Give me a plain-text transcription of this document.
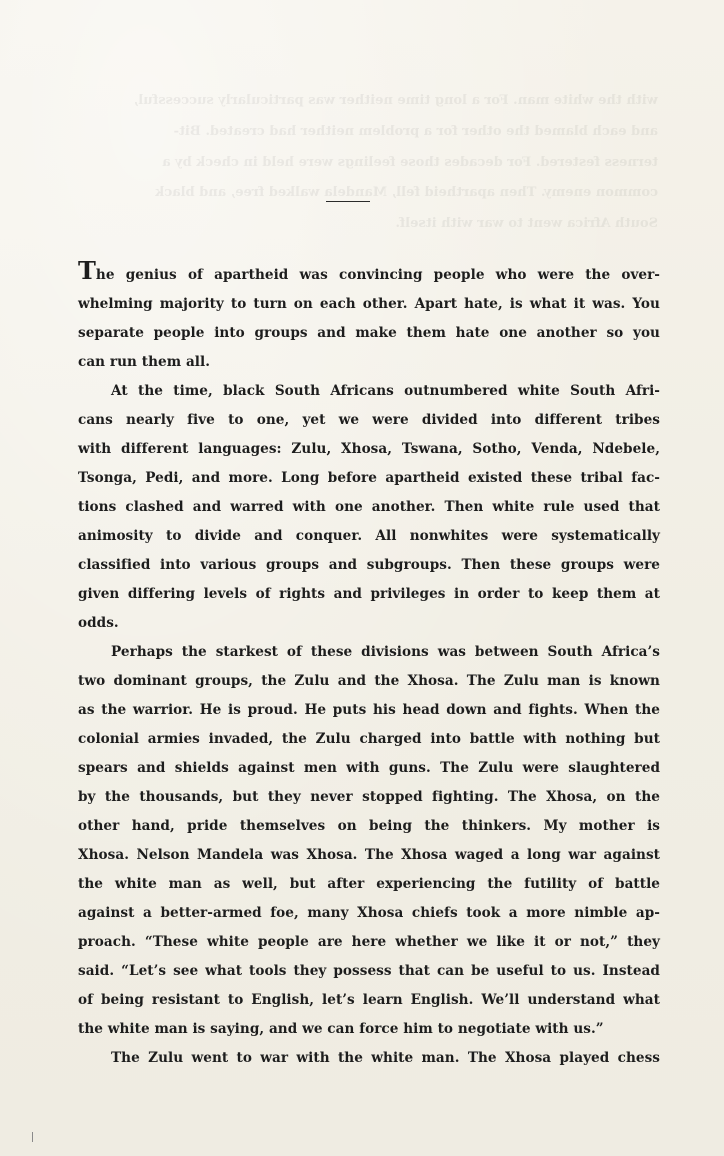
with the white man. For a long time neither was particularly successful,
and each blamed the other for a problem neither had created. Bit-
terness festered. For decades those feelings were held in check by a
common enemy. Then apartheid fell, Mandela walked free, and black
South Africa went to war with itself.
The genius of apartheid was convincing people who were the over-
whelming majority to turn on each other. Apart hate, is what it was. You
separate people into groups and make them hate one another so you
can run them all.
At the time, black South Africans outnumbered white South Afri-
cans nearly five to one, yet we were divided into different tribes
with different languages: Zulu, Xhosa, Tswana, Sotho, Venda, Ndebele,
Tsonga, Pedi, and more. Long before apartheid existed these tribal fac-
tions clashed and warred with one another. Then white rule used that
animosity to divide and conquer. All nonwhites were systematically
classified into various groups and subgroups. Then these groups were
given differing levels of rights and privileges in order to keep them at
odds.
Perhaps the starkest of these divisions was between South Africa’s
two dominant groups, the Zulu and the Xhosa. The Zulu man is known
as the warrior. He is proud. He puts his head down and fights. When the
colonial armies invaded, the Zulu charged into battle with nothing but
spears and shields against men with guns. The Zulu were slaughtered
by the thousands, but they never stopped fighting. The Xhosa, on the
other hand, pride themselves on being the thinkers. My mother is
Xhosa. Nelson Mandela was Xhosa. The Xhosa waged a long war against
the white man as well, but after experiencing the futility of battle
against a better-armed foe, many Xhosa chiefs took a more nimble ap-
proach. “These white people are here whether we like it or not,” they
said. “Let’s see what tools they possess that can be useful to us. Instead
of being resistant to English, let’s learn English. We’ll understand what
the white man is saying, and we can force him to negotiate with us.”
The Zulu went to war with the white man. The Xhosa played chess
